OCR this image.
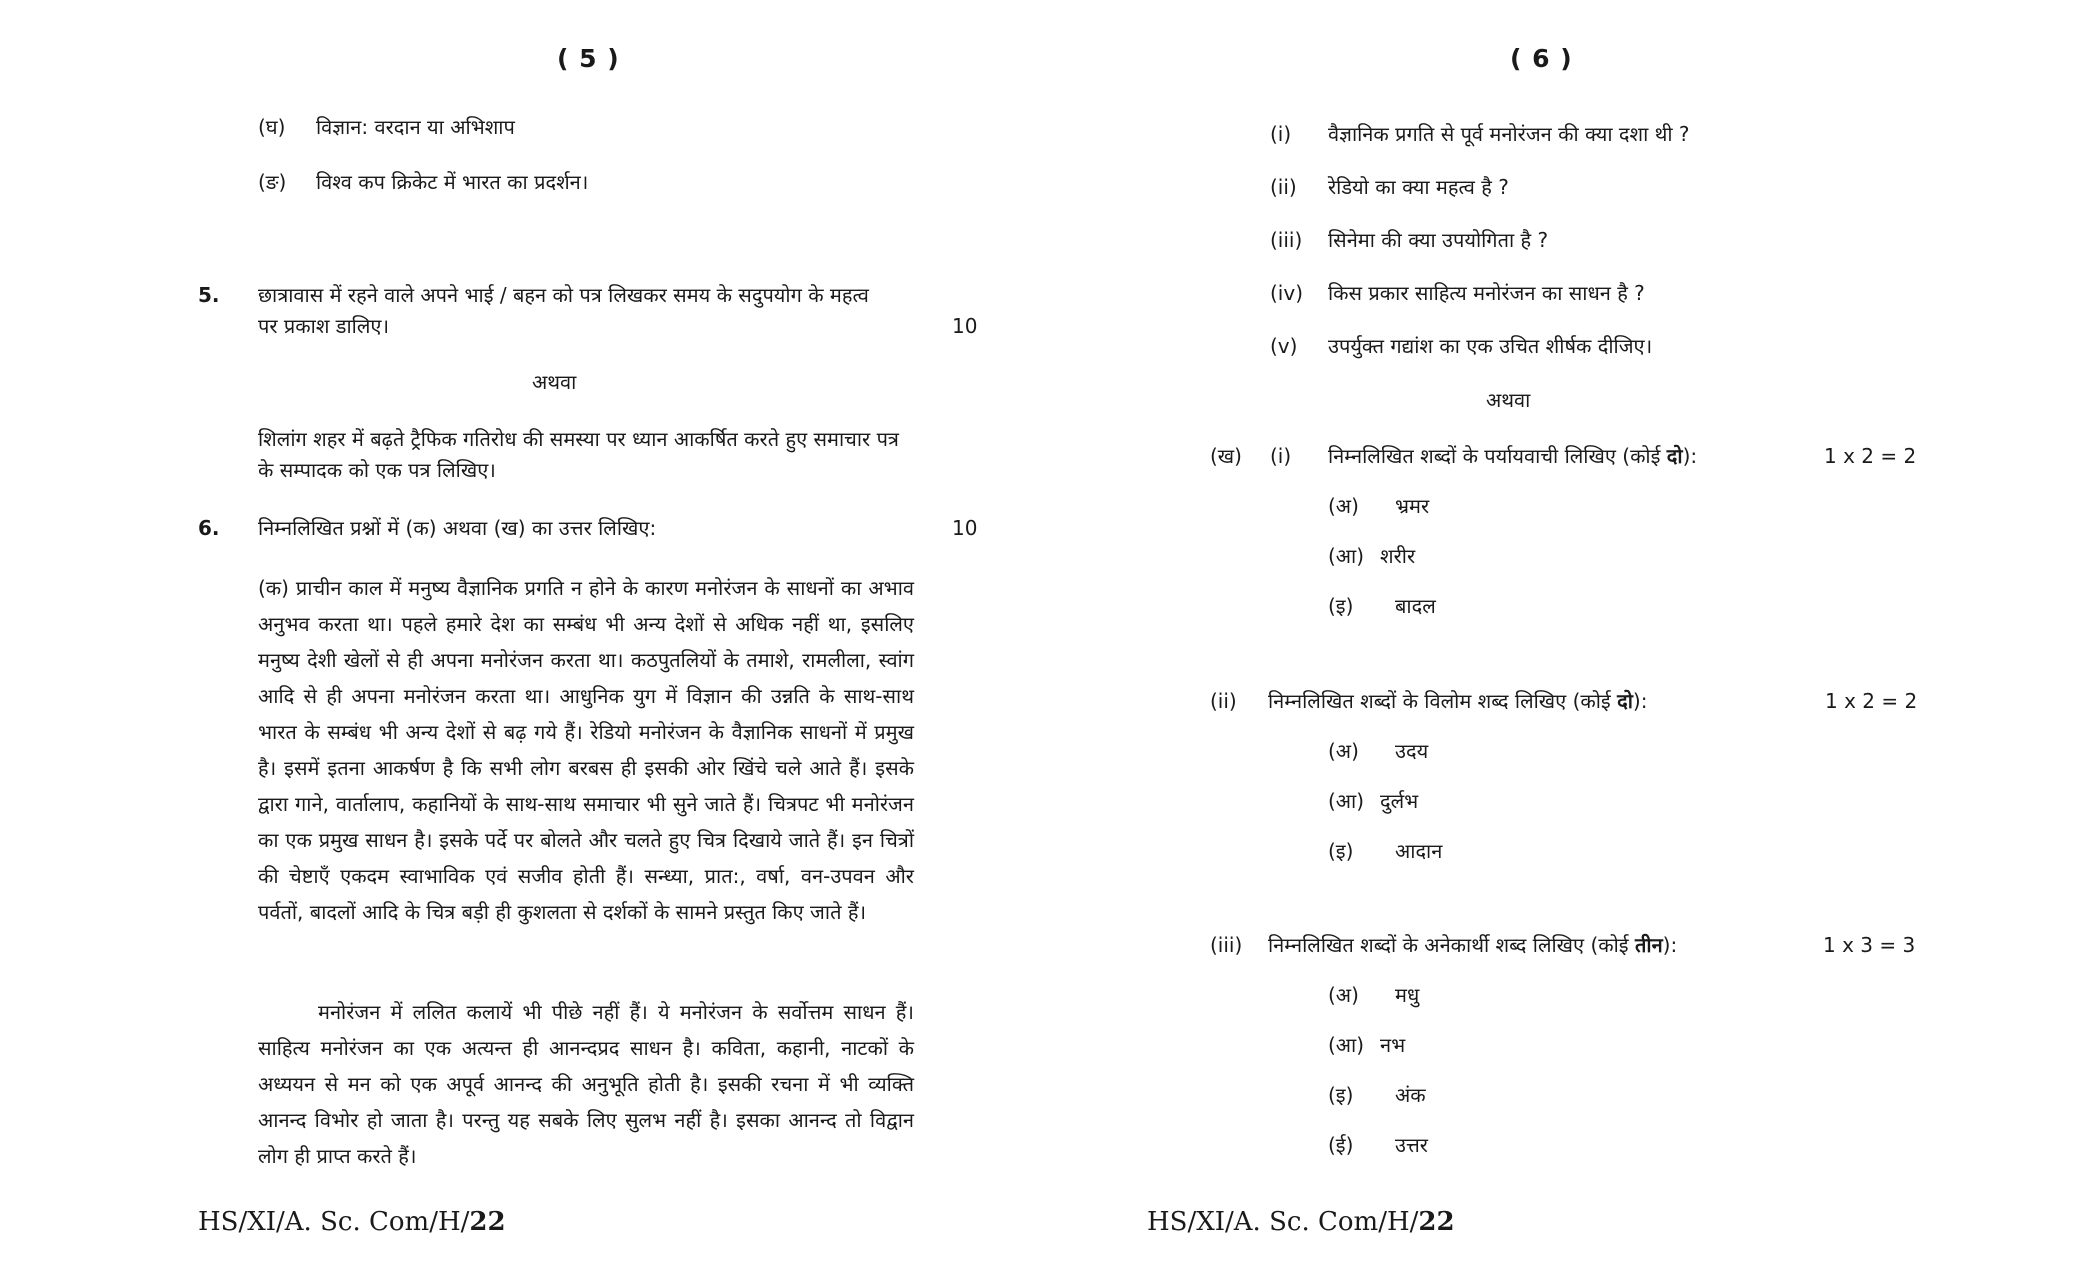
( 5 )
(घ) विज्ञान: वरदान या अभिशाप
(ङ) विश्व कप क्रिकेट में भारत का प्रदर्शन।
5. छात्रावास में रहने वाले अपने भाई / बहन को पत्र लिखकर समय के सदुपयोग के महत्व
पर प्रकाश डालिए।	10
अथवा
शिलांग शहर में बढ़ते ट्रैफिक गतिरोध की समस्या पर ध्यान आकर्षित करते हुए समाचार पत्र
के सम्पादक को एक पत्र लिखिए।
6. निम्नलिखित प्रश्नों में (क) अथवा (ख) का उत्तर लिखिए:	10
(क) प्राचीन काल में मनुष्य वैज्ञानिक प्रगति न होने के कारण मनोरंजन के साधनों का अभाव अनुभव करता था। पहले हमारे देश का सम्बंध भी अन्य देशों से अधिक नहीं था, इसलिए मनुष्य देशी खेलों से ही अपना मनोरंजन करता था। कठपुतलियों के तमाशे, रामलीला, स्वांग आदि से ही अपना मनोरंजन करता था। आधुनिक युग में विज्ञान की उन्नति के साथ-साथ भारत के सम्बंध भी अन्य देशों से बढ़ गये हैं। रेडियो मनोरंजन के वैज्ञानिक साधनों में प्रमुख है। इसमें इतना आकर्षण है कि सभी लोग बरबस ही इसकी ओर खिंचे चले आते हैं। इसके द्वारा गाने, वार्तालाप, कहानियों के साथ-साथ समाचार भी सुने जाते हैं। चित्रपट भी मनोरंजन का एक प्रमुख साधन है। इसके पर्दे पर बोलते और चलते हुए चित्र दिखाये जाते हैं। इन चित्रों की चेष्टाएँ एकदम स्वाभाविक एवं सजीव होती हैं। सन्ध्या, प्रात:, वर्षा, वन-उपवन और पर्वतों, बादलों आदि के चित्र बड़ी ही कुशलता से दर्शकों के सामने प्रस्तुत किए जाते हैं।
मनोरंजन में ललित कलायें भी पीछे नहीं हैं। ये मनोरंजन के सर्वोत्तम साधन हैं। साहित्य मनोरंजन का एक अत्यन्त ही आनन्दप्रद साधन है। कविता, कहानी, नाटकों के अध्ययन से मन को एक अपूर्व आनन्द की अनुभूति होती है। इसकी रचना में भी व्यक्ति आनन्द विभोर हो जाता है। परन्तु यह सबके लिए सुलभ नहीं है। इसका आनन्द तो विद्वान लोग ही प्राप्त करते हैं।
HS/XI/A. Sc. Com/H/22
( 6 )
(i) वैज्ञानिक प्रगति से पूर्व मनोरंजन की क्या दशा थी ?
(ii) रेडियो का क्या महत्व है ?
(iii) सिनेमा की क्या उपयोगिता है ?
(iv) किस प्रकार साहित्य मनोरंजन का साधन है ?
(v) उपर्युक्त गद्यांश का एक उचित शीर्षक दीजिए।
अथवा
(ख) (i) निम्नलिखित शब्दों के पर्यायवाची लिखिए (कोई दो):	1 x 2 = 2
(अ) भ्रमर
(आ) शरीर
(इ) बादल
(ii) निम्नलिखित शब्दों के विलोम शब्द लिखिए (कोई दो):	1 x 2 = 2
(अ) उदय
(आ) दुर्लभ
(इ) आदान
(iii) निम्नलिखित शब्दों के अनेकार्थी शब्द लिखिए (कोई तीन):	1 x 3 = 3
(अ) मधु
(आ) नभ
(इ) अंक
(ई) उत्तर
HS/XI/A. Sc. Com/H/22
